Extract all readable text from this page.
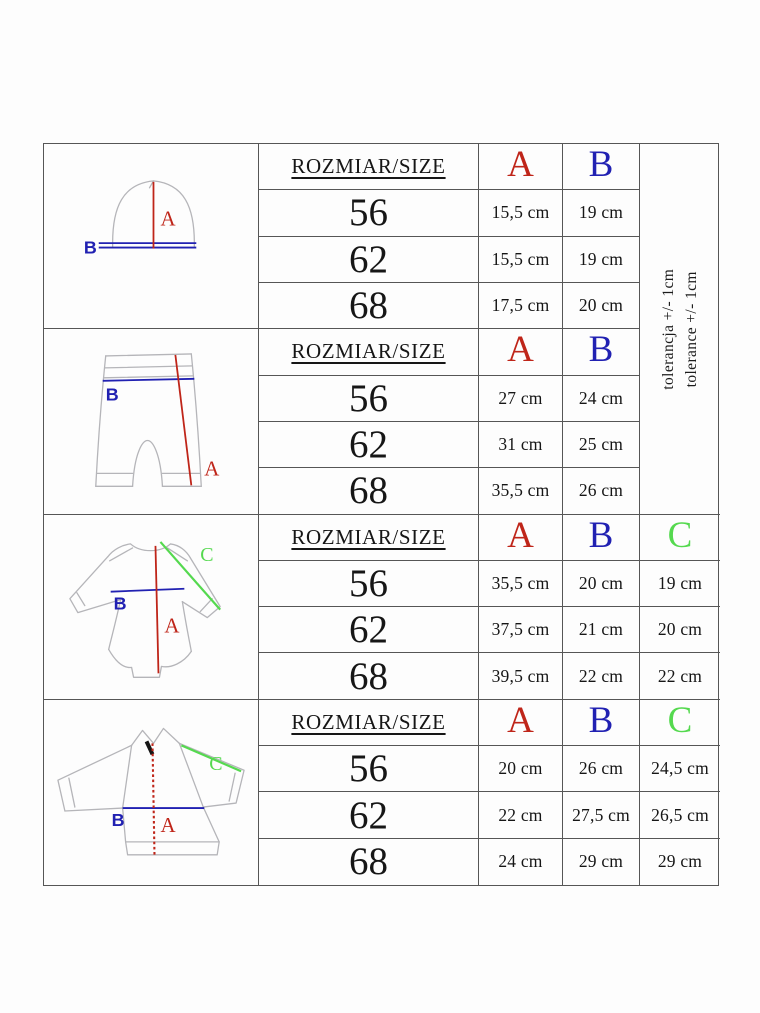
A
B
ROZMIAR/SIZE	A	B
tolerancja +/- 1cm tolerance +/- 1cm
56	15,5 cm	19 cm
62	15,5 cm	19 cm
68	17,5 cm	20 cm
B
A
ROZMIAR/SIZE	A	B
56	27 cm	24 cm
62	31 cm	25 cm
68	35,5 cm	26 cm
C
B
A
ROZMIAR/SIZE	A	B	C
56	35,5 cm	20 cm	19 cm
62	37,5 cm	21 cm	20 cm
68	39,5 cm	22 cm	22 cm
B A
C
ROZMIAR/SIZE	A	B	C
56	20 cm	26 cm	24,5 cm
62	22 cm	27,5 cm	26,5 cm
68	24 cm	29 cm	29 cm
